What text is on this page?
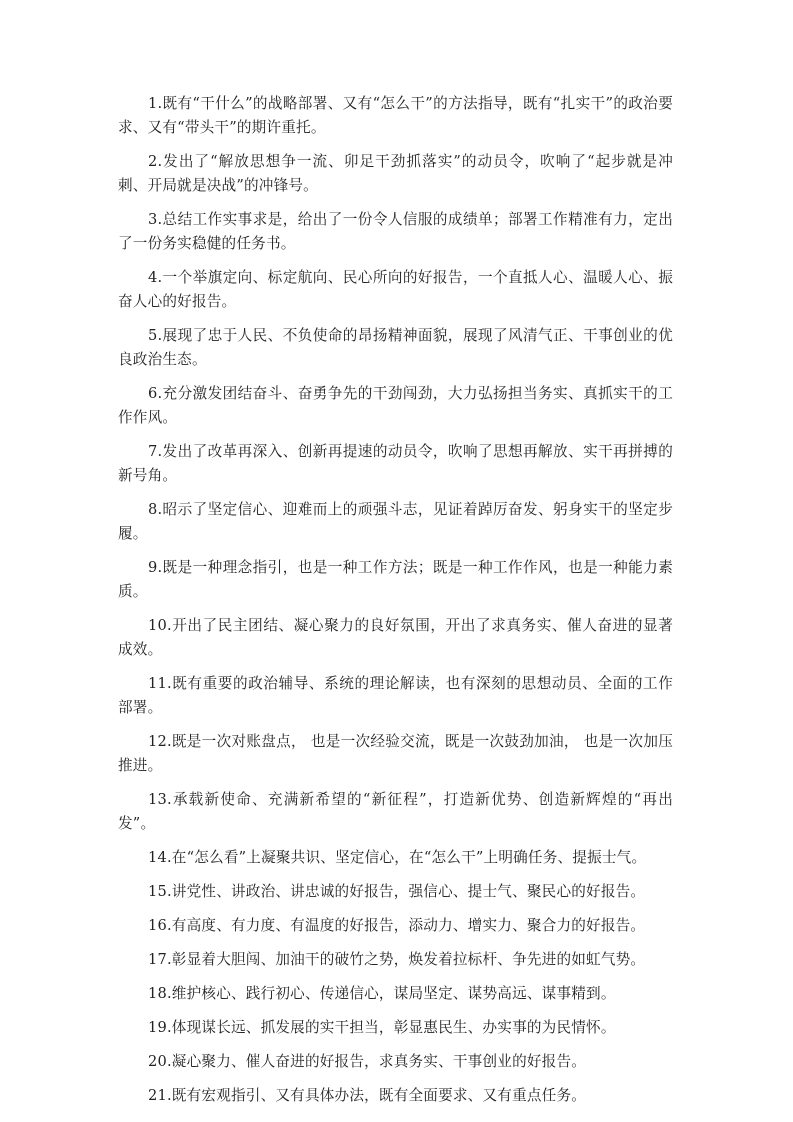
1.既有“干什么”的战略部署、又有“怎么干”的方法指导，既有“扎实干”的政治要求、又有“带头干”的期许重托。

2.发出了“解放思想争一流、卯足干劲抓落实”的动员令，吹响了“起步就是冲刺、开局就是决战”的冲锋号。

3.总结工作实事求是，给出了一份令人信服的成绩单；部署工作精准有力，定出了一份务实稳健的任务书。

4.一个举旗定向、标定航向、民心所向的好报告，一个直抵人心、温暖人心、振奋人心的好报告。

5.展现了忠于人民、不负使命的昂扬精神面貌，展现了风清气正、干事创业的优良政治生态。

6.充分激发团结奋斗、奋勇争先的干劲闯劲，大力弘扬担当务实、真抓实干的工作作风。

7.发出了改革再深入、创新再提速的动员令，吹响了思想再解放、实干再拼搏的新号角。

8.昭示了坚定信心、迎难而上的顽强斗志，见证着踔厉奋发、躬身实干的坚定步履。

9.既是一种理念指引，也是一种工作方法；既是一种工作作风，也是一种能力素质。

10.开出了民主团结、凝心聚力的良好氛围，开出了求真务实、催人奋进的显著成效。

11.既有重要的政治辅导、系统的理论解读，也有深刻的思想动员、全面的工作部署。

12.既是一次对账盘点， 也是一次经验交流，既是一次鼓劲加油， 也是一次加压推进。

13.承载新使命、充满新希望的“新征程”，打造新优势、创造新辉煌的“再出发”。

14.在“怎么看”上凝聚共识、坚定信心，在“怎么干”上明确任务、提振士气。

15.讲党性、讲政治、讲忠诚的好报告，强信心、提士气、聚民心的好报告。

16.有高度、有力度、有温度的好报告，添动力、增实力、聚合力的好报告。

17.彰显着大胆闯、加油干的破竹之势，焕发着拉标杆、争先进的如虹气势。

18.维护核心、践行初心、传递信心，谋局坚定、谋势高远、谋事精到。

19.体现谋长远、抓发展的实干担当，彰显惠民生、办实事的为民情怀。

20.凝心聚力、催人奋进的好报告，求真务实、干事创业的好报告。

21.既有宏观指引、又有具体办法，既有全面要求、又有重点任务。
